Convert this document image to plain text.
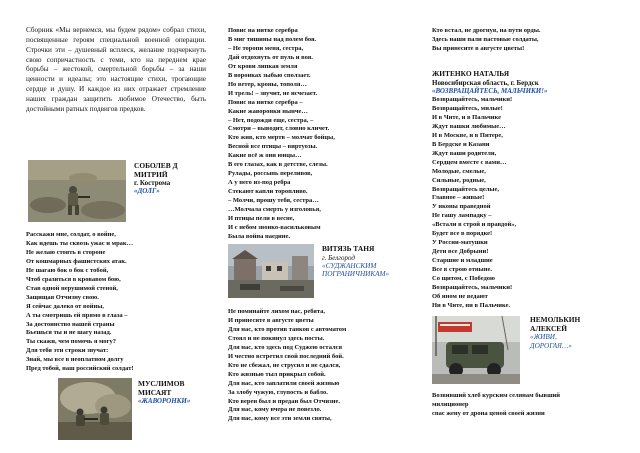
Сборник «Мы вернемся, мы будем рядом» собрал стихи, посвященные героям специальной военной операции. Строчки эти – душевный всплеск, желание подчеркнуть свою сопричастность с теми, кто на переднем крае борьбы – жестокой, смертельной борьбы – за наши ценности и идеалы; это настоящие стихи, трогающие сердце и душу. И каждое из них отражает стремление наших граждан защитить любимое Отечество, быть достойными ратных подвигов предков.

СОБОЛЕВ Д
МИТРИЙ
г. Кострома
«ДОЛГ»
Расскажи мне, солдат, о войне,
Как идешь ты сквозь ужас и мрак…
Не желаю стоять в стороне
От кошмарных фашистских атак.
Не шагаю бок о бок с тобой,
Чтоб сразиться в кровавом бою,
Став одной нерушимой стеной,
Защищая Отчизну свою.
Я сейчас далеко от войны,
А ты смотришь ей прямо в глаза –
За достоинство нашей страны
Бьешься ты и не шагу назад.
Ты скажи, чем помочь я могу?
Для тебя эти строки звучат:
Знай, мы все в неоплатном долгу
Пред тобой, наш российский солдат!
МУСЛИМОВ
МИСАЯТ
«ЖАВОРОНКИ»
Повис на нитке серебра
В миг тишины над полем боя.
– Не торопи меня, сестра,
Дай отдохнуть от пуль и воя.
От крови липкая земля
В воронках зыбью сползает.
Но ветер, кроны, тополя…
И трель! – звучит, не исчезает.
Повис на нитке серебра –
Какие жаворонки нынче…
– Нет, подожди еще, сестра, –
Смотри – выводит, словно кличет.
Кто жив, кто мертв – молчат бойцы,
Весной все птицы – виртуозы.
Какие всё ж они юнцы…
В его глазах, как в детстве, слезы.
Рулады, россыпь переливов,
А у него из-под ребра
Стекают капли торопливо.
– Молчи, прошу тебя, сестра…
…Молчала смерть у изголовья,
И птицы пели в весне,
И с небом звонко-васильковым
Была война наедине.
ВИТЯЗЬ ТАНЯ
г. Белгород
«СУДЖАНСКИМ
ПОГРАНИЧНИКАМ»
Не поминайте лихом нас, ребята,
И принесите в августе цветы
Для нас, кто против танков с автоматом
Стоял и не покинул здесь посты.
Для нас, кто здесь под Суджею остался
И честно встретил свой последний бой.
Кто не сбежал, не струсил и не сдался,
Кто жизнью тыл прикрыл собой.
Для нас, кто заплатили своей жизнью
За злобу чужую, глупость и бабло.
Кто верен был и предан был Отчизне.
Для нас, кому вчера не повезло.
Для нас, кому все эти земли святы,
Кто встал, не дрогнув, на пути орды.
Здесь наши пали пастовые солдаты,
Вы принесите в августе цветы!
ЖИТЕНКО НАТАЛЬЯ
Новосибирская область, г. Бердск
«ВОЗВРАЩАЙТЕСЬ, МАЛЬЧИКИ!»
Возвращайтесь, мальчики!
Возвращайтесь, милые!
И в Чите, и в Пальчике
Ждут вашки любимые…
И в Москве, и в Питере,
В Бердске и Казани
Ждут ваши родители,
Сердцем вместе с вами…
Молодые, смелые,
Сильные, родные,
Возвращайтесь целые,
Главное – живые!
У иконы праведной
Не гашу лампадку –
«Встали в строй и правдой»,
Будет все в порядке!
У России-матушки
Дети все Добрыни!
Старшие и младшие
Все в строю отныне.
Со щитом, с Победою
Возвращайтесь, мальчики!
Об ином не ведают
Ни в Чите, ни в Пальчике.
НЕМОЛЬКИН
АЛЕКСЕЙ
«ЖИВИ,
ДОРОГАЯ…»
Возвивший хлеб курским селянам бывший
милиционер
спас жену от дрона ценой своей жизни
